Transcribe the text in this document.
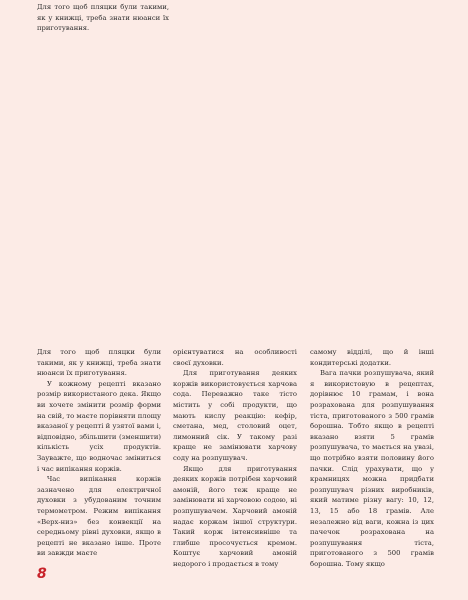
Для того щоб пляцки були такими, як у книжці, треба знати нюанси їх приготування.

Для того щоб пляцки були такими, як у книжці, треба знати нюанси їх приготування.

У кожному рецепті вказано розмір використаного дека. Якщо ви хочете змінити розмір форми на свій, то маєте порівняти площу вказаної у рецепті й узятої вами і, відповідно, збільшити (зменшити) кількість усіх продуктів. Зауважте, що водночас зміниться і час випікання коржів.

Час випікання коржів зазначено для електричної духовки з убудованим точним термометром. Режим випікання «Верх-низ» без конвекції на середньому рівні духовки, якщо в рецепті не вказано інше. Проте ви завжди маєте

орієнтуватися на особливості своєї духовки.

Для приготування деяких коржів використовується харчова сода. Переважно таке тісто містить у собі продукти, що мають кислу реакцію: кефір, сметана, мед, столовий оцет, лимонний сік. У такому разі краще не замінювати харчову соду на розпушувач.

Якщо для приготування деяких коржів потрібен харчовий амоній, його теж краще не замінювати ні харчовою содою, ні розпушувачем. Харчовий амоній надає коржам іншої структури. Такий корж інтенсивніше та глибше просочується кремом. Коштує харчовий амоній недорого і продається в тому

самому відділі, що й інші кондитерські додатки.

Вага пачки розпушувача, який я використовую в рецептах, дорівнює 10 грамам, і вона розрахована для розпушування тіста, приготованого з 500 грамів борошна. Тобто якщо в рецепті вказано взяти 5 грамів розпушувача, то мається на увазі, що потрібно взяти половину його пачки. Слід урахувати, що у крамницях можна придбати розпушувач різних виробників, який матиме різну вагу: 10, 12, 13, 15 або 18 грамів. Але незалежно від ваги, кожна із цих пачечок розрахована на розпушування тіста, приготованого з 500 грамів борошна. Тому якщо

8
